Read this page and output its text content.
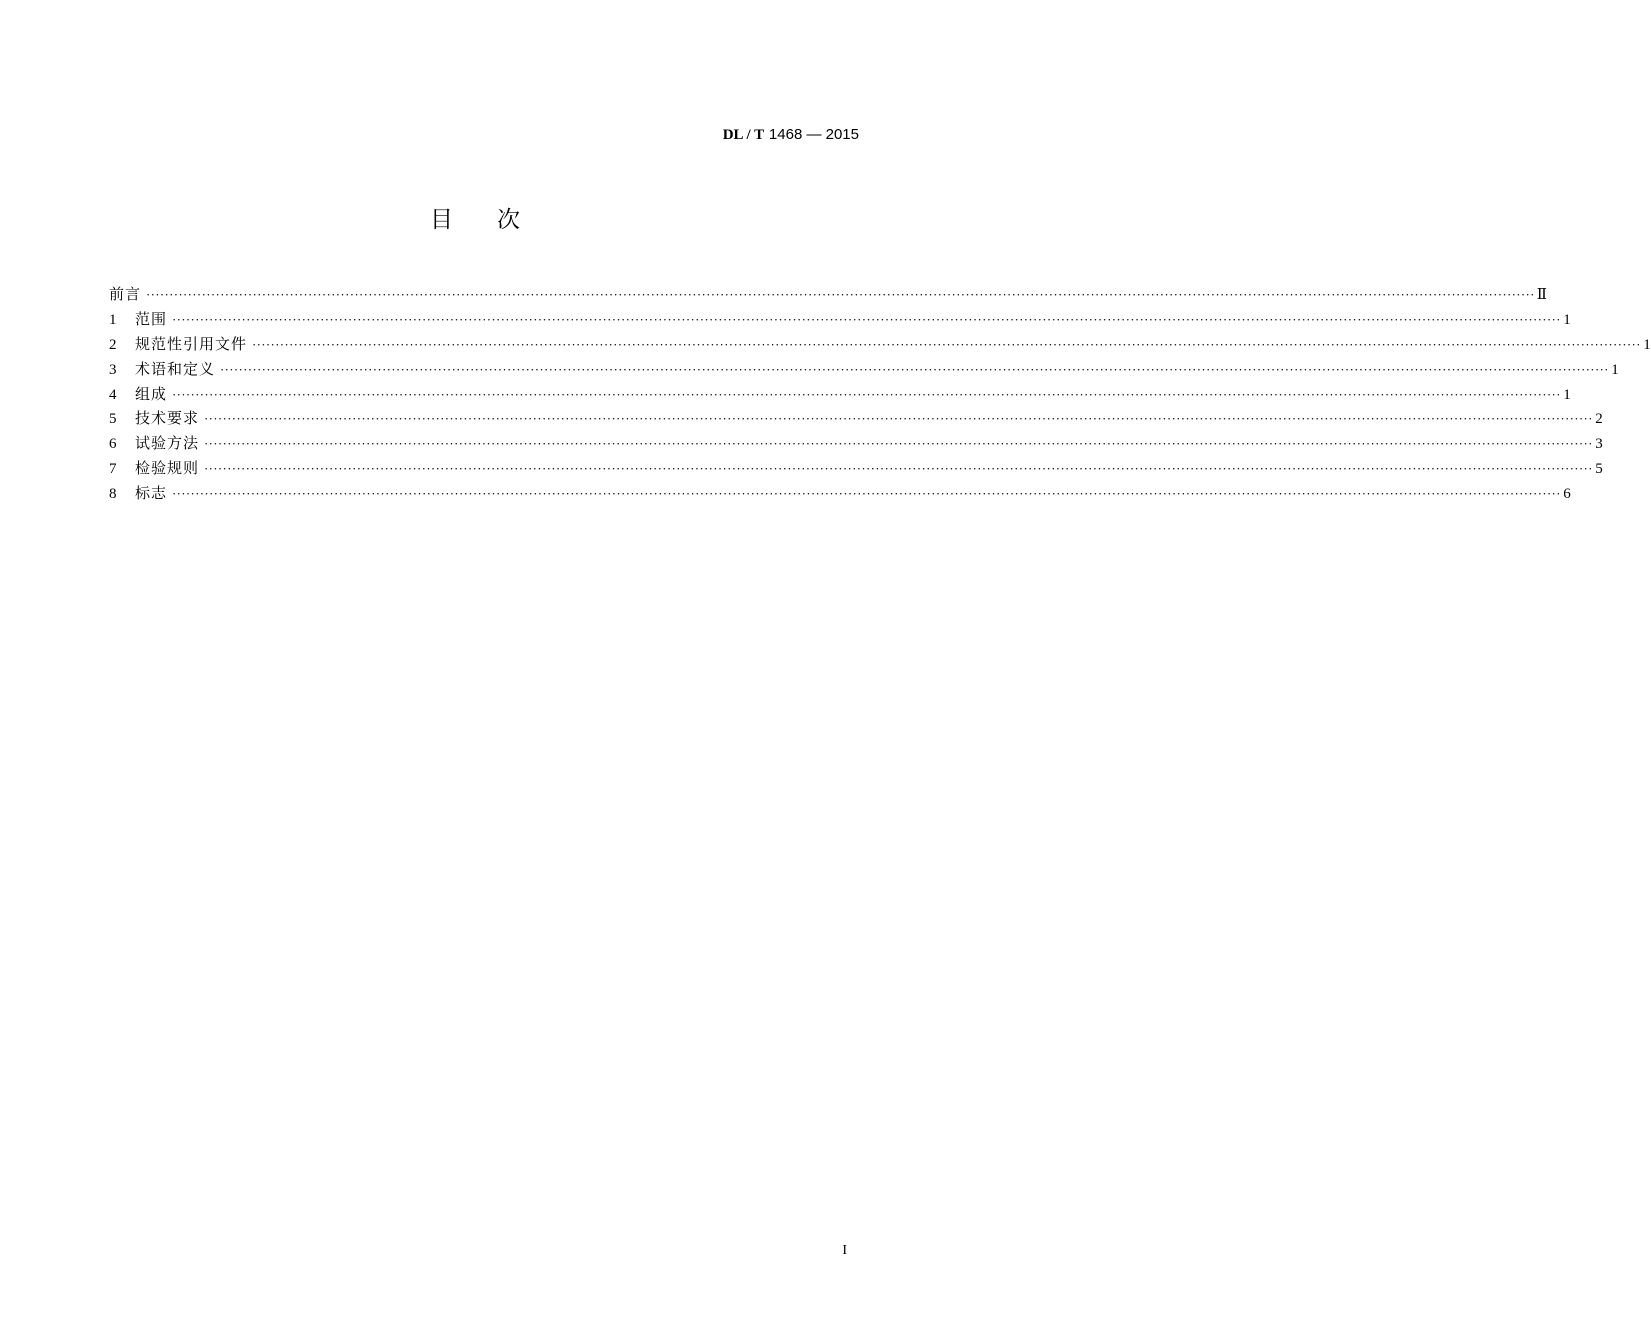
DL / T 1468 — 2015
目次
前言 ············································································································································································································································································································ Ⅱ
1	范围 ············································································································································································································································································································ 1
2	规范性引用文件 ············································································································································································································································································································ 1
3	术语和定义 ············································································································································································································································································································ 1
4	组成 ············································································································································································································································································································ 1
5	技术要求 ············································································································································································································································································································ 2
6	试验方法 ············································································································································································································································································································ 3
7	检验规则 ············································································································································································································································································································ 5
8	标志 ············································································································································································································································································································ 6
I
